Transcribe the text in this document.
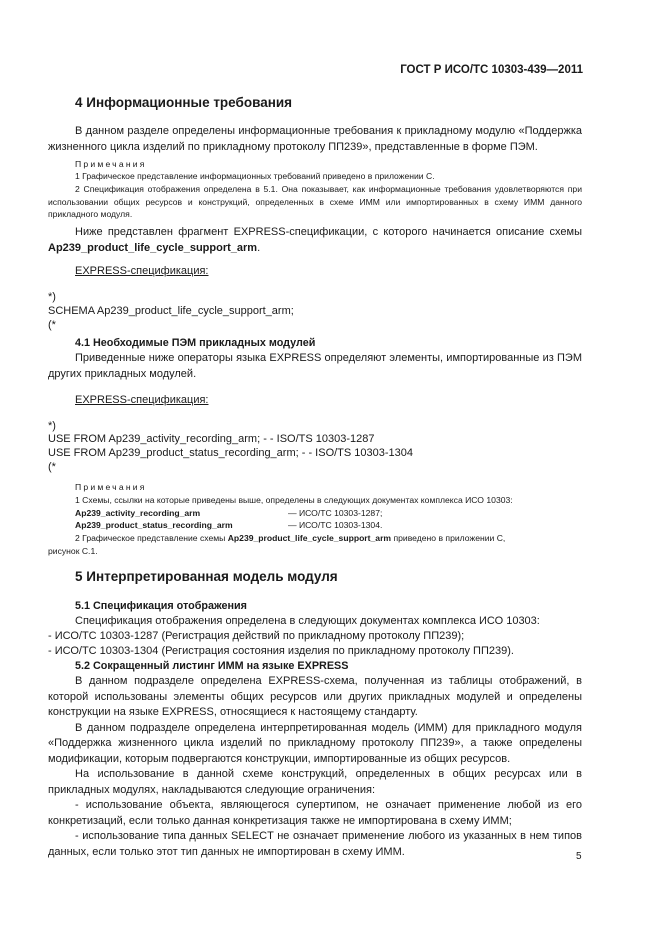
ГОСТ Р ИСО/ТС 10303-439—2011
4 Информационные требования

В данном разделе определены информационные требования к прикладному модулю «Поддержка жизненного цикла изделий по прикладному протоколу ПП239», представленные в форме ПЭМ.

Примечания
1 Графическое представление информационных требований приведено в приложении С.
2 Спецификация отображения определена в 5.1. Она показывает, как информационные требования удовлетворяются при использовании общих ресурсов и конструкций, определенных в схеме ИММ или импортированных в схему ИММ данного прикладного модуля.

Ниже представлен фрагмент EXPRESS-спецификации, с которого начинается описание схемы Ap239_product_life_cycle_support_arm.

EXPRESS-спецификация:
*)
SCHEMA Ap239_product_life_cycle_support_arm;
(*
4.1 Необходимые ПЭМ прикладных модулей

Приведенные ниже операторы языка EXPRESS определяют элементы, импортированные из ПЭМ других прикладных модулей.

EXPRESS-спецификация:
*)
USE FROM Ap239_activity_recording_arm; - - ISO/TS 10303-1287
USE FROM Ap239_product_status_recording_arm; - - ISO/TS 10303-1304
(*
Примечания
1 Схемы, ссылки на которые приведены выше, определены в следующих документах комплекса ИСО 10303:
Ap239_activity_recording_arm	— ИСО/ТС 10303-1287;
Ap239_product_status_recording_arm	— ИСО/ТС 10303-1304.
2 Графическое представление схемы Ap239_product_life_cycle_support_arm приведено в приложении С,
рисунок С.1.
5 Интерпретированная модель модуля
5.1 Спецификация отображения
Спецификация отображения определена в следующих документах комплекса ИСО 10303:
- ИСО/ТС 10303-1287 (Регистрация действий по прикладному протоколу ПП239);
- ИСО/ТС 10303-1304 (Регистрация состояния изделия по прикладному протоколу ПП239).
5.2 Сокращенный листинг ИММ на языке EXPRESS

В данном подразделе определена EXPRESS-схема, полученная из таблицы отображений, в которой использованы элементы общих ресурсов или других прикладных модулей и определены конструкции на языке EXPRESS, относящиеся к настоящему стандарту.

В данном подразделе определена интерпретированная модель (ИММ) для прикладного модуля «Поддержка жизненного цикла изделий по прикладному протоколу ПП239», а также определены модификации, которым подвергаются конструкции, импортированные из общих ресурсов.

На использование в данной схеме конструкций, определенных в общих ресурсах или в прикладных модулях, накладываются следующие ограничения:

- использование объекта, являющегося супертипом, не означает применение любой из его конкретизаций, если только данная конкретизация также не импортирована в схему ИММ;

- использование типа данных SELECT не означает применение любого из указанных в нем типов данных, если только этот тип данных не импортирован в схему ИММ.	5
